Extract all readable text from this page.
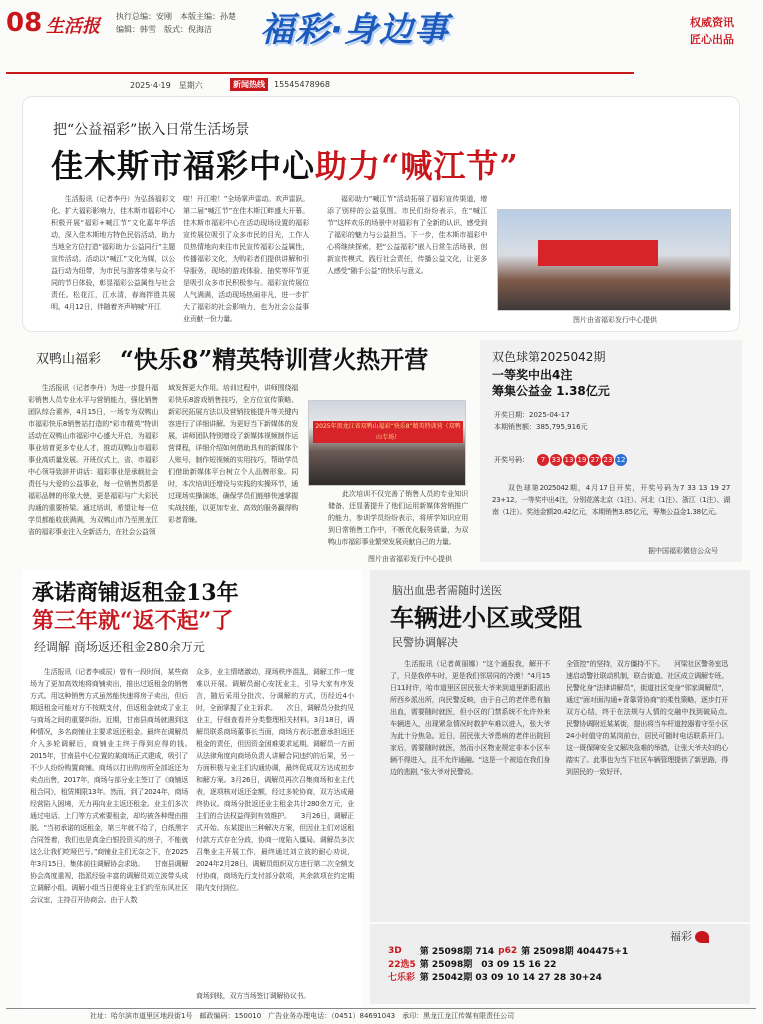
08 生活报 执行总编：安刚　本版主编：孙楚
编辑：韩雪　版式：倪海洁 福彩·身边事	权威资讯
匠心出品
2025·4·19　星期六	新闻热线	15545478968
把“公益福彩”嵌入日常生活场景
佳木斯市福彩中心助力“喊江节”
　　生活报讯（记者李丹）为弘扬福彩文化、扩大福彩影响力，佳木斯市福彩中心积极开展“福彩+喊江节”文化嘉年华活动，深入佳木斯地方特色民俗活动，助力当地全方位打造“福彩助力·公益同行”主题宣传活动。活动以“喊江”文化为媒，以公益行动为纽带，为市民与游客带来与众不同的节日体验，彰显福彩公益属性与社会责任。松花江，江水清，春海拌胜共展明。4月12日，伴随着齐声呐喊“开江
啦！开江啦！”全场掌声雷动。欢声雷跃。第二届“喊江节”在佳木斯江畔盛大开幕。佳木斯市福彩中心在活动现场设置的福彩宣传展位吸引了众多市民的目光，工作人员热情地向来往市民宣传福彩公益属性，传播福彩文化，为购彩者们提供讲解和引导服务，现场的游戏体验、抽奖等环节更是吸引众多市民积极参与。福彩宣传展位人气满满，活动现场热闹非凡，进一步扩大了福彩的社会影响力，也为社会公益事业贡献一份力量。
　　福彩助力“喊江节”活动拓展了福彩宣传渠道，增添了别样的公益氛围。市民们纷纷表示，在“喊江节”这样欢乐的场景中对福彩有了全新的认识，感受到了福彩的魅力与公益担当。下一步，佳木斯市福彩中心将继续探索，把“公益福彩”嵌入日常生活场景，创新宣传模式，践行社会责任，传播公益文化，让更多人感受“随手公益”的快乐与意义。
图片由省福彩发行中心提供
双鸭山福彩 “快乐8”精英特训营火热开营
　　生活报讯（记者李丹）为进一步提升福彩销售人员专业水平与营销能力，强化销售团队综合素养，4月15日，一场专为双鸭山市福彩快乐8销售站打造的“彩市精英”特训活动在双鸭山市福彩中心盛大开启，为福彩事业培育更多专业人才，推动双鸭山市福彩事业高质量发展。开班仪式上，省、市福彩中心领导致辞并讲话：福彩事业是承载社会责任与大爱的公益事业，每一位销售员都是福彩品牌的形象大使，更是福彩与广大彩民沟通的重要桥梁。通过培训，希望让每一位学员都能收获满满，为双鸭山市乃至黑龙江省的福彩事业注入全新活力，在社会公益领
域发挥更大作用。培训过程中，讲师围绕福彩快乐8游戏销售技巧，全方位宣传策略、新彩民拓展方法以及营销技能提升等关键内容进行了详细讲解。为更好当下新媒体的发展，讲师团队特别增设了新媒体视频制作运营课程，详细介绍如何借助具有的新媒体个人账号，制作短视频的实用技巧，帮助学员们借助新媒体平台树立个人品牌形象。同时，本次培训还增设与实践的实操环节，通过现场实操演练，确保学员们能够快速掌握实战技能，以更加专业、高效的服务赢得购彩者青睐。
2025年黑龙江省双鸭山福彩“快乐8”精英特训营（双鸭山专场）
　　此次培训不仅完善了销售人员的专业知识储备，还显著提升了他们运用新媒体营销推广的能力，参训学员纷纷表示，将所学知识应用到日常销售工作中，不断优化服务质量，为双鸭山市福彩事业繁荣发展贡献自己的力量。
图片由省福彩发行中心提供
双色球第2025042期
一等奖中出4注
筹集公益金 1.38亿元
开奖日期：2025-04-17
本期销售额：385,795,916元
开奖号码：	7 33 13 19 27 23 12
　　双色球第2025042期，4月17日开奖，开奖号码为7 33 13 19 27 23+12。一等奖中出4注，分别花落北京（1注）、河北（1注）、浙江（1注）、湖南（1注）。奖池金额20.42亿元，本期销售3.85亿元，筹集公益金1.38亿元。
据中国福彩微信公众号
承诺商铺返租金13年
第三年就“返不起”了
经调解 商场返还租金280余万元
　　生活报讯（记者李威辰）曾有一段时间，某些商场为了更加高效地将商铺卖出，推出过返租金的销售方式。用这种销售方式虽然能快速将房子卖出，但后期返租金可能对方不按期支付，但返租金就成了业主与商场之间的重要纠纷。近期，甘南县商场就遇到这种情况，多名商铺业主要求返还租金。最终在调解员介入多轮调解后，商铺业主终于得到应得的钱。　　2015年，甘南县中心位置的某商场正式建成，吸引了不少人纷纷购置商铺。商场以打出购房所全部返还为卖点出售，2017年，商场与部分业主签订了《商铺返租合同》，租赁期限13年。然而，到了2024年，商场经营陷入困境，无力再向业主返还租金。业主们多次通过电话、上门等方式索要租金，却均被各种理由推脱。“当初承诺的返租金，第三年就不给了，白纸黑字合同签着，我们也是真金白银投资买的房子，不能就这么让我们吃哑巴亏。”商铺业主们无奈之下，在2025年3月15日，集体前往调解协会求助。　　甘南县调解协会高度重视，指派经验丰富的调解员刘立波带头成立调解小组。调解小组当日便将业主们约至东风社区会议室，主持召开协商会。由于人数
众多，业主情绪激动，现场秩序混乱，调解工作一度难以开展。调解员耐心安抚业主，引导大家有序发言，随后采用分批次、分调解的方式，历经近4小时，全面掌握了业主诉求。　　次日，调解员分批约见业主，仔细查看并分类整理相关材料。3月18日，调解员联系商场董事长当面，商场方表示愿意承担返还租金的责任，但因资金困难要求延期。调解员一方面从法律角度向商场负责人讲解合同违约的后果，另一方面积极与业主们沟通协调，最终促成双方达成初步和解方案。3月26日，调解员再次召集商场和业主代表，逐项核对返还金额，经过多轮协商，双方达成最终协议。商场分批返还业主租金共计280余万元，业主们的合法权益得到有效维护。　　3月26日，调解正式开始。东某提出三种解决方案，但因业主们对返租付款方式存在分歧，协商一度陷入僵局。调解员多次召集业主开展工作，最终通过刘立波的耐心劝说，2024年2月28日，调解员组织双方进行第二次全额支付协商，商场先行支付部分款项，其余款项在约定期限内支付到位。
商场到账，双方当场签订调解协议书。
脑出血患者需随时送医
车辆进小区或受阻
民警协调解决
　　生活报讯（记者黄丽娜）“这个通报我，解开不了，只是我停车时，更是我们邻居同的冷漠！”4月15日11时许，哈市道里区居民张大爷来到道里新阳派出所西乡派出所，向民警反映，由于自己的老伴患有脑出血，需要随时就医，但小区的门禁系统不允许外来车辆进入，出现紧急情况时救护车难以进入，张大爷为此十分焦急。近日，居民张大爷患病的老伴出院回家后，需要随时就医，然而小区物业规定非本小区车辆不得进入，且不允许通融。“这是一个被迫在我们身边的悲剧，”张大爷对民警说。
全管控”的坚持，双方僵持不下。　　河梁社区警务室迅速启动警社联动机制，联合街道、社区成立调解专班。民警化身“法律讲解员”，街道社区变身“邻家调解员”，通过“面对面沟通+背靠背协商”的柔性策略，逐步打开双方心结，终于在法规与人情的交融中找到破局点。　　民警协调附近某某街，提出将当车杆道控器看守至小区24小时值守的某岗前台，居民可随时电话联系开门。这一既保障安全又解决急难的举措，让张大爷夫妇的心踏实了。此事也为当下社区车辆管理提供了新思路，得到居民的一致好评。
福彩
3D	第 25098期 714	p62	第 25098期 404475+1
22选5	第 25098期　03 09 15 16 22		
七乐彩	第 25042期 03 09 10 14 27 28 30+24		
社址：哈尔滨市道里区地段街1号　邮政编码：150010　广告业务办理电话：（0451）84691043　承印：黑龙江龙江传媒有限责任公司
